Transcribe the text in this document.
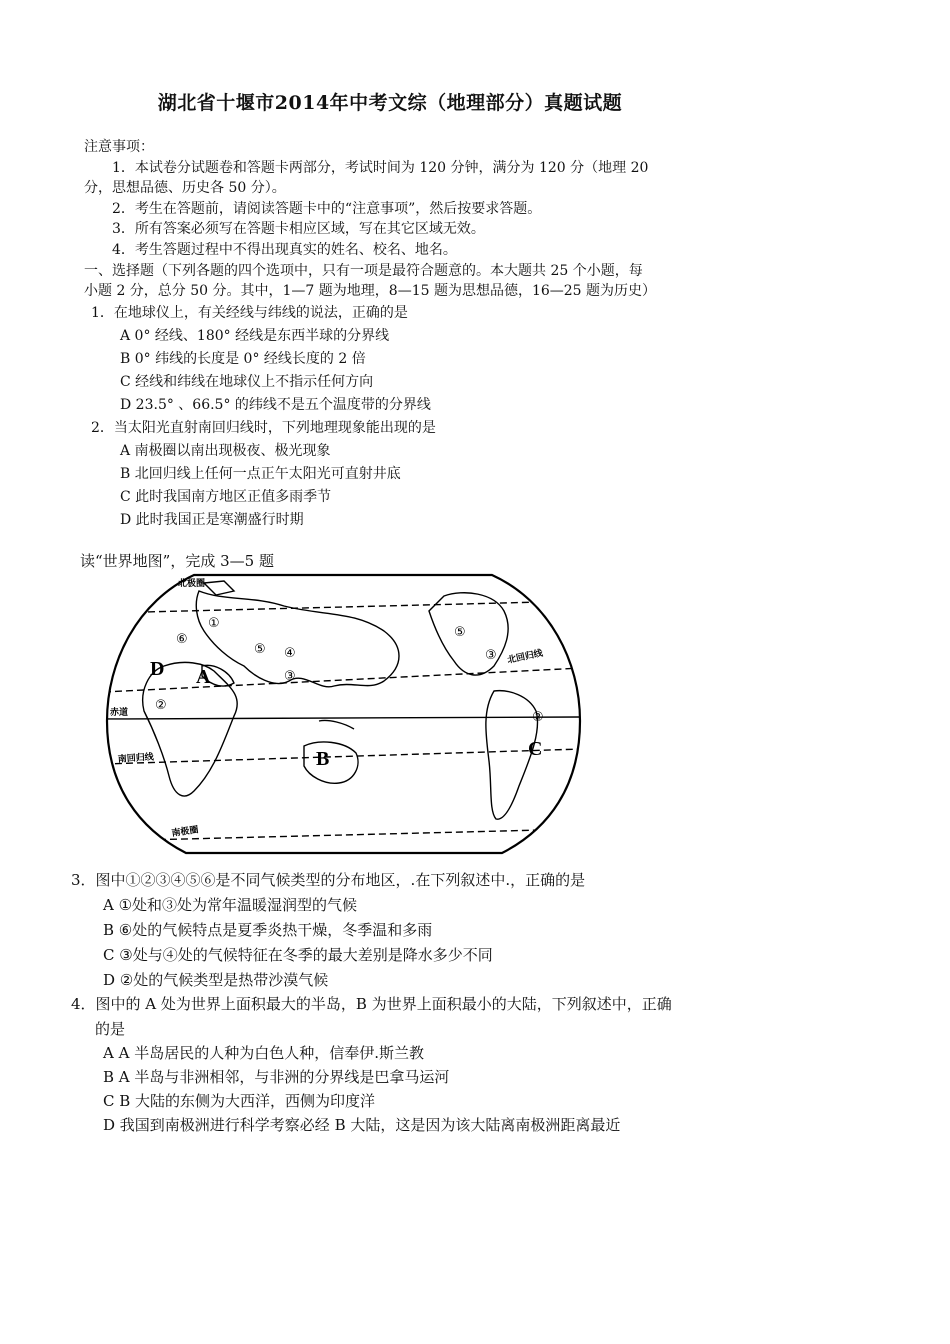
湖北省十堰市2014年中考文综（地理部分）真题试题
注意事项：
1．本试卷分试题卷和答题卡两部分，考试时间为 120 分钟，满分为 120 分（地理 20
分，思想品德、历史各 50 分）。
2．考生在答题前，请阅读答题卡中的“注意事项”，然后按要求答题。
3．所有答案必须写在答题卡相应区域，写在其它区域无效。
4．考生答题过程中不得出现真实的姓名、校名、地名。
一、选择题（下列各题的四个选项中，只有一项是最符合题意的。本大题共 25 个小题，每
小题 2 分，总分 50 分。其中，1—7 题为地理，8—15 题为思想品德，16—25 题为历史）
1．在地球仪上，有关经线与纬线的说法，正确的是
A 0° 经线、180° 经线是东西半球的分界线
B 0° 纬线的长度是 0° 经线长度的 2 倍
C 经线和纬线在地球仪上不指示任何方向
D 23.5° 、66.5° 的纬线不是五个温度带的分界线
2．当太阳光直射南回归线时，下列地理现象能出现的是
A 南极圈以南出现极夜、极光现象
B 北回归线上任何一点正午太阳光可直射井底
C 此时我国南方地区正值多雨季节
D 此时我国正是寒潮盛行时期
读“世界地图”，完成 3—5 题
北极圈
北回归线
赤道
南回归线
南极圈
A
B	C
D
①
②
②
③
③
④
⑤
⑤
⑥
3．图中①②③④⑤⑥是不同气候类型的分布地区，.在下列叙述中.，正确的是
A ①处和③处为常年温暖湿润型的气候
B ⑥处的气候特点是夏季炎热干燥，冬季温和多雨
C ③处与④处的气候特征在冬季的最大差别是降水多少不同
D ②处的气候类型是热带沙漠气候
4．图中的 A 处为世界上面积最大的半岛，B 为世界上面积最小的大陆，下列叙述中，正确
的是
A A 半岛居民的人种为白色人种，信奉伊.斯兰教
B A 半岛与非洲相邻，与非洲的分界线是巴拿马运河
C B 大陆的东侧为大西洋，西侧为印度洋
D 我国到南极洲进行科学考察必经 B 大陆，这是因为该大陆离南极洲距离最近
